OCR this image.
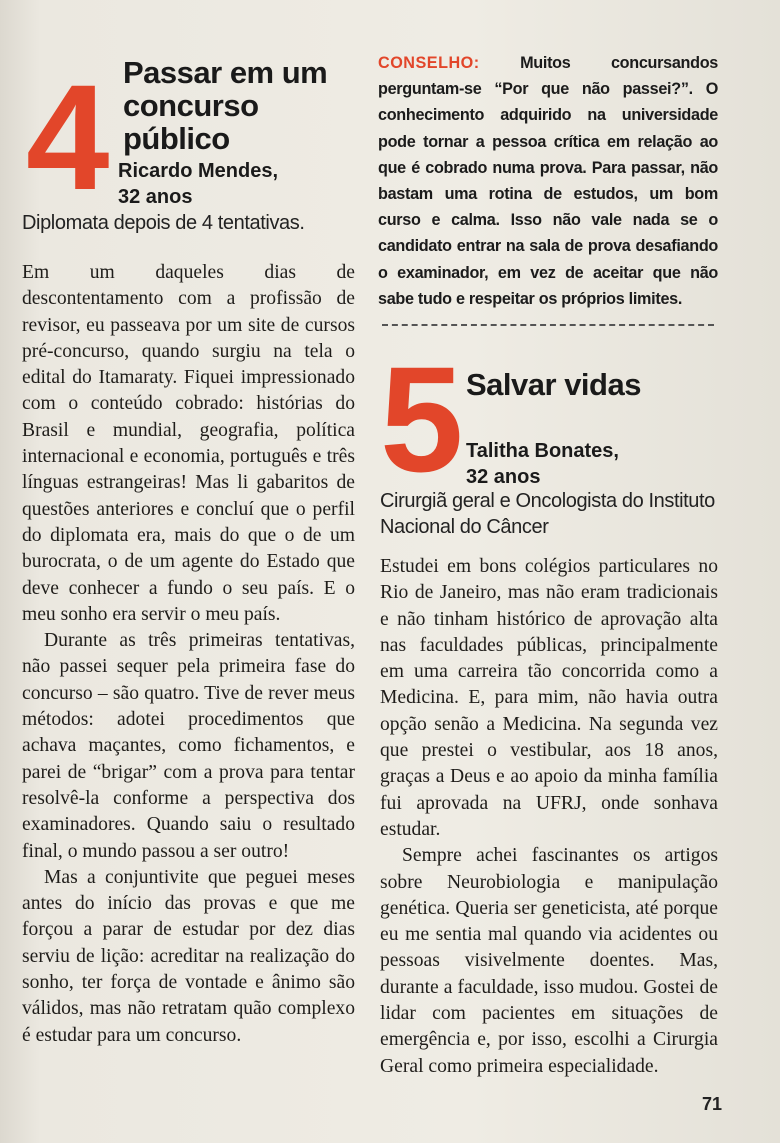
4 Passar em um concurso público
Ricardo Mendes,
32 anos
Diplomata depois de 4 tentativas.

Em um daqueles dias de descontentamento com a profissão de revisor, eu passeava por um site de cursos pré-concurso, quando surgiu na tela o edital do Itamaraty. Fiquei impressionado com o conteúdo cobrado: histórias do Brasil e mundial, geografia, política internacional e economia, português e três línguas estrangeiras! Mas li gabaritos de questões anteriores e concluí que o perfil do diplomata era, mais do que o de um burocrata, o de um agente do Estado que deve conhecer a fundo o seu país. E o meu sonho era servir o meu país.

Durante as três primeiras tentativas, não passei sequer pela primeira fase do concurso – são quatro. Tive de rever meus métodos: adotei procedimentos que achava maçantes, como fichamentos, e parei de “brigar” com a prova para tentar resolvê-la conforme a perspectiva dos examinadores. Quando saiu o resultado final, o mundo passou a ser outro!

Mas a conjuntivite que peguei meses antes do início das provas e que me forçou a parar de estudar por dez dias serviu de lição: acreditar na realização do sonho, ter força de vontade e ânimo são válidos, mas não retratam quão complexo é estudar para um concurso.

CONSELHO: Muitos concursandos perguntam-se “Por que não passei?”. O conhecimento adquirido na universidade pode tornar a pessoa crítica em relação ao que é cobrado numa prova. Para passar, não bastam uma rotina de estudos, um bom curso e calma. Isso não vale nada se o candidato entrar na sala de prova desafiando o examinador, em vez de aceitar que não sabe tudo e respeitar os próprios limites.
5 Salvar vidas
Talitha Bonates,
32 anos
Cirurgiã geral e Oncologista do Instituto Nacional do Câncer

Estudei em bons colégios particulares no Rio de Janeiro, mas não eram tradicionais e não tinham histórico de aprovação alta nas faculdades públicas, principalmente em uma carreira tão concorrida como a Medicina. E, para mim, não havia outra opção senão a Medicina. Na segunda vez que prestei o vestibular, aos 18 anos, graças a Deus e ao apoio da minha família fui aprovada na UFRJ, onde sonhava estudar.

Sempre achei fascinantes os artigos sobre Neurobiologia e manipulação genética. Queria ser geneticista, até porque eu me sentia mal quando via acidentes ou pessoas visivelmente doentes. Mas, durante a faculdade, isso mudou. Gostei de lidar com pacientes em situações de emergência e, por isso, escolhi a Cirurgia Geral como primeira especialidade.

71
